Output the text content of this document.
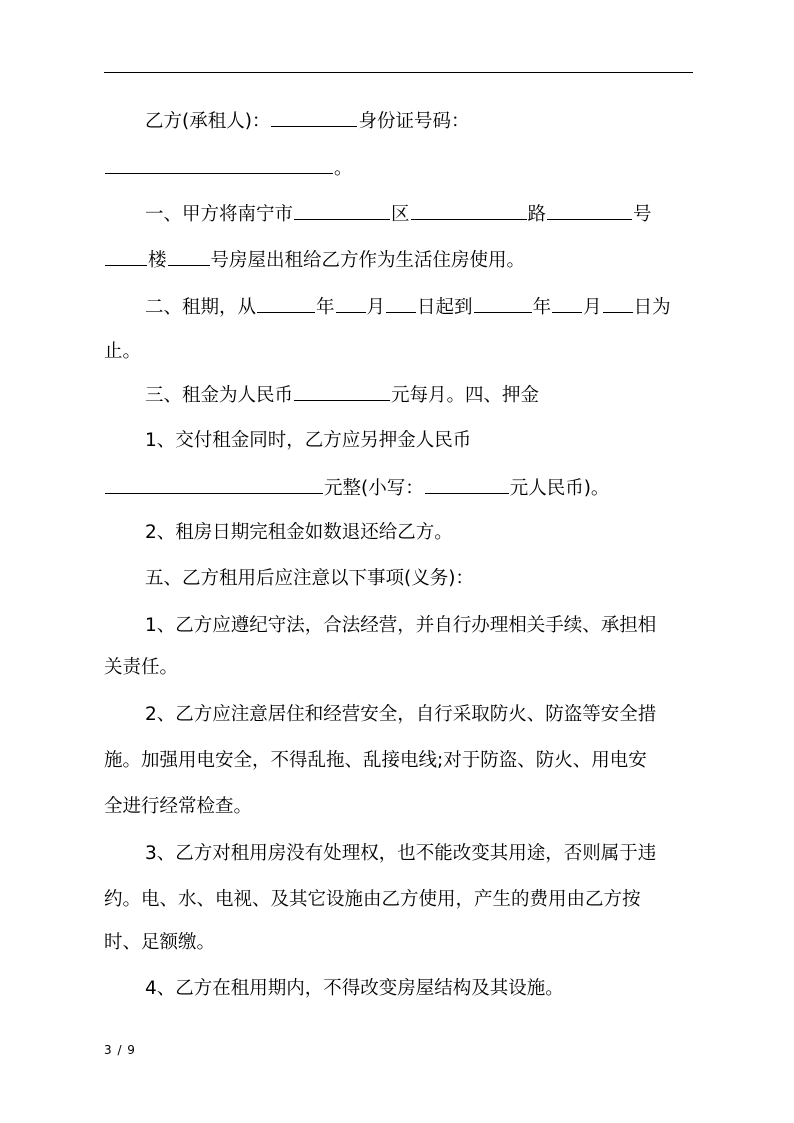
乙方(承租人)：	身份证号码：
。
一、甲方将南宁市	区	路	号
楼 号房屋出租给乙方作为生活住房使用。
二、租期，从	年 月 日起到	年 月 日为
止。
三、租金为人民币	元每月。四、押金
1、交付租金同时，乙方应另押金人民币
元整(小写：	元人民币)。
2、租房日期完租金如数退还给乙方。
五、乙方租用后应注意以下事项(义务)：
1、乙方应遵纪守法，合法经营，并自行办理相关手续、承担相
关责任。
2、乙方应注意居住和经营安全，自行采取防火、防盗等安全措
施。加强用电安全，不得乱拖、乱接电线;对于防盗、防火、用电安
全进行经常检查。
3、乙方对租用房没有处理权，也不能改变其用途，否则属于违
约。电、水、电视、及其它设施由乙方使用，产生的费用由乙方按
时、足额缴。
4、乙方在租用期内，不得改变房屋结构及其设施。
3 / 9
